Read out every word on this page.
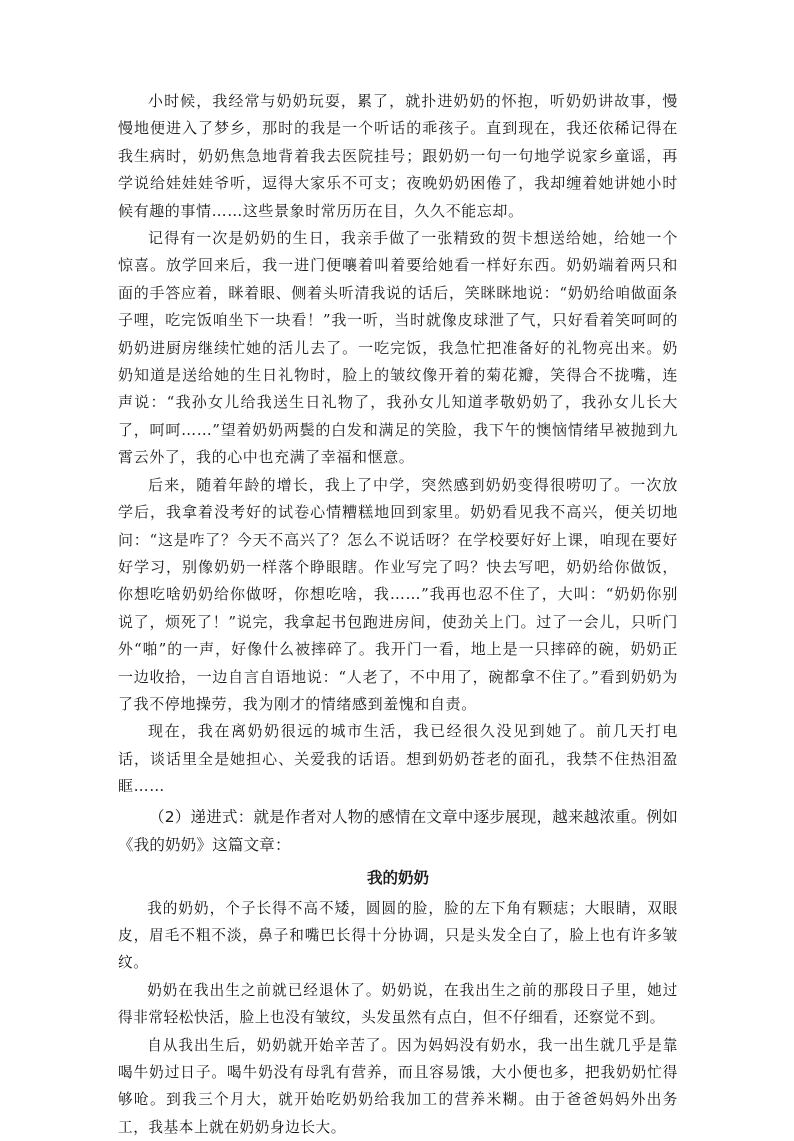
小时候，我经常与奶奶玩耍，累了，就扑进奶奶的怀抱，听奶奶讲故事，慢慢地便进入了梦乡，那时的我是一个听话的乖孩子。直到现在，我还依稀记得在我生病时，奶奶焦急地背着我去医院挂号；跟奶奶一句一句地学说家乡童谣，再学说给娃娃娃爷听，逗得大家乐不可支；夜晚奶奶困倦了，我却缠着她讲她小时候有趣的事情……这些景象时常历历在目，久久不能忘却。

记得有一次是奶奶的生日，我亲手做了一张精致的贺卡想送给她，给她一个惊喜。放学回来后，我一进门便嚷着叫着要给她看一样好东西。奶奶端着两只和面的手答应着，眯着眼、侧着头听清我说的话后，笑眯眯地说：“奶奶给咱做面条子哩，吃完饭咱坐下一块看！”我一听，当时就像皮球泄了气，只好看着笑呵呵的奶奶进厨房继续忙她的活儿去了。一吃完饭，我急忙把准备好的礼物亮出来。奶奶知道是送给她的生日礼物时，脸上的皱纹像开着的菊花瓣，笑得合不拢嘴，连声说：“我孙女儿给我送生日礼物了，我孙女儿知道孝敬奶奶了，我孙女儿长大了，呵呵……”望着奶奶两鬓的白发和满足的笑脸，我下午的懊恼情绪早被抛到九霄云外了，我的心中也充满了幸福和惬意。

后来，随着年龄的增长，我上了中学，突然感到奶奶变得很唠叨了。一次放学后，我拿着没考好的试卷心情糟糕地回到家里。奶奶看见我不高兴，便关切地问：“这是咋了？今天不高兴了？怎么不说话呀？在学校要好好上课，咱现在要好好学习，别像奶奶一样落个睁眼瞎。作业写完了吗？快去写吧，奶奶给你做饭，你想吃啥奶奶给你做呀，你想吃啥，我……”我再也忍不住了，大叫：“奶奶你别说了，烦死了！”说完，我拿起书包跑进房间，使劲关上门。过了一会儿，只听门外“啪”的一声，好像什么被摔碎了。我开门一看，地上是一只摔碎的碗，奶奶正一边收拾，一边自言自语地说：“人老了，不中用了，碗都拿不住了。”看到奶奶为了我不停地操劳，我为刚才的情绪感到羞愧和自责。

现在，我在离奶奶很远的城市生活，我已经很久没见到她了。前几天打电话，谈话里全是她担心、关爱我的话语。想到奶奶苍老的面孔，我禁不住热泪盈眶……

（2）递进式：就是作者对人物的感情在文章中逐步展现，越来越浓重。例如《我的奶奶》这篇文章：

我的奶奶

我的奶奶，个子长得不高不矮，圆圆的脸，脸的左下角有颗痣；大眼睛，双眼皮，眉毛不粗不淡，鼻子和嘴巴长得十分协调，只是头发全白了，脸上也有许多皱纹。

奶奶在我出生之前就已经退休了。奶奶说，在我出生之前的那段日子里，她过得非常轻松快活，脸上也没有皱纹，头发虽然有点白，但不仔细看，还察觉不到。

自从我出生后，奶奶就开始辛苦了。因为妈妈没有奶水，我一出生就几乎是靠喝牛奶过日子。喝牛奶没有母乳有营养，而且容易饿，大小便也多，把我奶奶忙得够呛。到我三个月大，就开始吃奶奶给我加工的营养米糊。由于爸爸妈妈外出务工，我基本上就在奶奶身边长大。
